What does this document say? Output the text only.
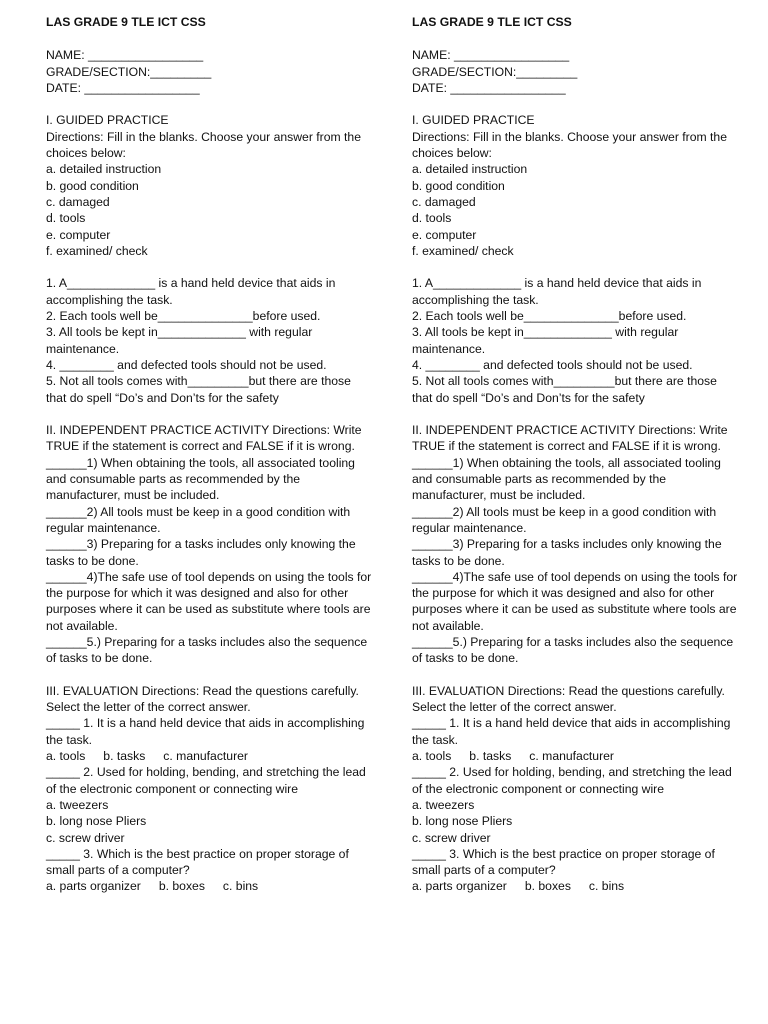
LAS GRADE 9 TLE ICT CSS
NAME: _________________
GRADE/SECTION:_________
DATE: _________________
I. GUIDED PRACTICE
Directions: Fill in the blanks. Choose your answer from the choices below:
a. detailed instruction
b. good condition
c. damaged
d. tools
e. computer
f. examined/ check
1. A_____________ is a hand held device that aids in accomplishing the task.
2. Each tools well be______________before used.
3. All tools be kept in_____________ with regular maintenance.
4. ________ and defected tools should not be used.
5. Not all tools comes with_________but there are those that do spell “Do’s and Don’ts for the safety
II. INDEPENDENT PRACTICE ACTIVITY Directions: Write TRUE if the statement is correct and FALSE if it is wrong.
______1) When obtaining the tools, all associated tooling and consumable parts as recommended by the manufacturer, must be included.
______2) All tools must be keep in a good condition with regular maintenance.
______3) Preparing for a tasks includes only knowing the tasks to be done.
______4)The safe use of tool depends on using the tools for the purpose for which it was designed and also for other purposes where it can be used as substitute where tools are not available.
______5.) Preparing for a tasks includes also the sequence of tasks to be done.
III. EVALUATION Directions: Read the questions carefully. Select the letter of the correct answer.
_____ 1. It is a hand held device that aids in accomplishing the task.
a. tools b. tasks c. manufacturer
_____ 2. Used for holding, bending, and stretching the lead of the electronic component or connecting wire
a. tweezers
b. long nose Pliers
c. screw driver
_____ 3. Which is the best practice on proper storage of small parts of a computer?
a. parts organizer b. boxes c. bins
LAS GRADE 9 TLE ICT CSS
NAME: _________________
GRADE/SECTION:_________
DATE: _________________
I. GUIDED PRACTICE
Directions: Fill in the blanks. Choose your answer from the choices below:
a. detailed instruction
b. good condition
c. damaged
d. tools
e. computer
f. examined/ check
1. A_____________ is a hand held device that aids in accomplishing the task.
2. Each tools well be______________before used.
3. All tools be kept in_____________ with regular maintenance.
4. ________ and defected tools should not be used.
5. Not all tools comes with_________but there are those that do spell “Do’s and Don’ts for the safety
II. INDEPENDENT PRACTICE ACTIVITY Directions: Write TRUE if the statement is correct and FALSE if it is wrong.
______1) When obtaining the tools, all associated tooling and consumable parts as recommended by the manufacturer, must be included.
______2) All tools must be keep in a good condition with regular maintenance.
______3) Preparing for a tasks includes only knowing the tasks to be done.
______4)The safe use of tool depends on using the tools for the purpose for which it was designed and also for other purposes where it can be used as substitute where tools are not available.
______5.) Preparing for a tasks includes also the sequence of tasks to be done.
III. EVALUATION Directions: Read the questions carefully. Select the letter of the correct answer.
_____ 1. It is a hand held device that aids in accomplishing the task.
a. tools b. tasks c. manufacturer
_____ 2. Used for holding, bending, and stretching the lead of the electronic component or connecting wire
a. tweezers
b. long nose Pliers
c. screw driver
_____ 3. Which is the best practice on proper storage of small parts of a computer?
a. parts organizer b. boxes c. bins
